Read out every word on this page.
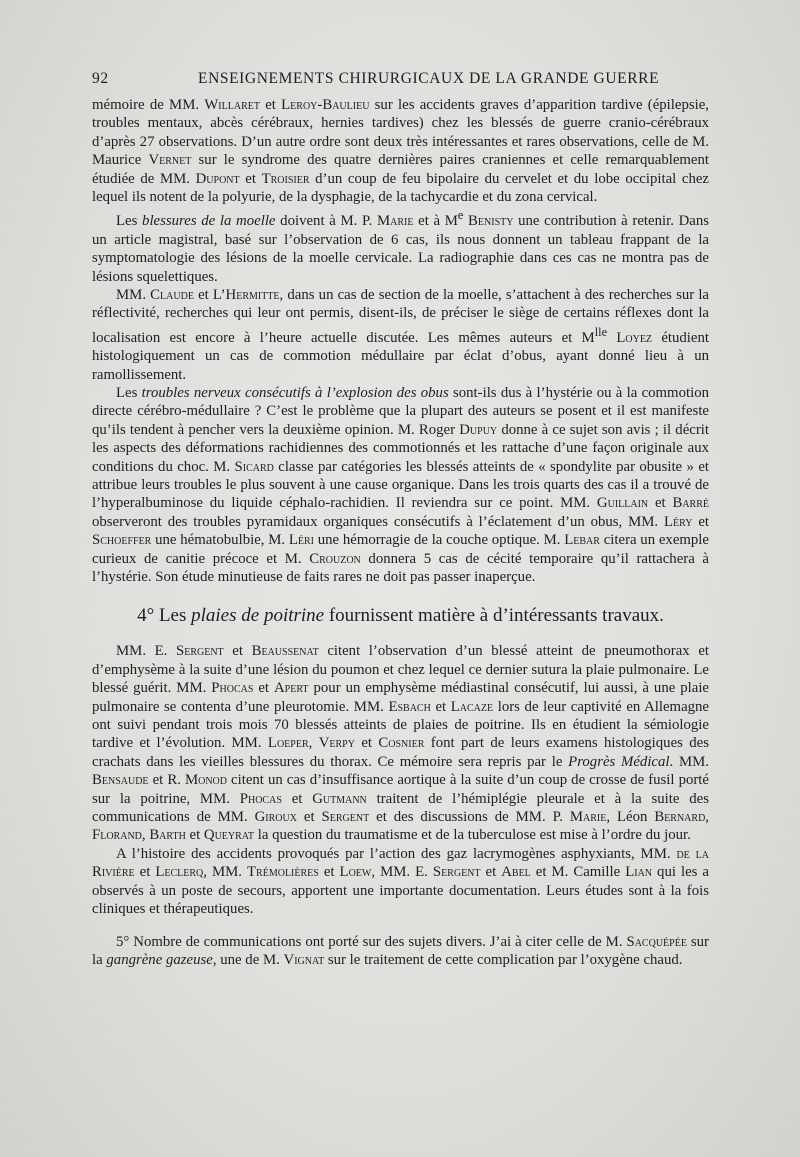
92	ENSEIGNEMENTS CHIRURGICAUX DE LA GRANDE GUERRE

mémoire de MM. Willaret et Leroy-Baulieu sur les accidents graves d’apparition tardive (épilepsie, troubles mentaux, abcès cérébraux, hernies tardives) chez les blessés de guerre cranio-cérébraux d’après 27 observations. D’un autre ordre sont deux très intéressantes et rares observations, celle de M. Maurice Vernet sur le syndrome des quatre dernières paires craniennes et celle remarquablement étudiée de MM. Dupont et Troisier d’un coup de feu bipolaire du cervelet et du lobe occipital chez lequel ils notent de la polyurie, de la dysphagie, de la tachycardie et du zona cervical.

Les blessures de la moelle doivent à M. P. Marie et à Me Benisty une contribution à retenir. Dans un article magistral, basé sur l’observation de 6 cas, ils nous donnent un tableau frappant de la symptomatologie des lésions de la moelle cervicale. La radiographie dans ces cas ne montra pas de lésions squelettiques.

MM. Claude et L’Hermitte, dans un cas de section de la moelle, s’attachent à des recherches sur la réflectivité, recherches qui leur ont permis, disent-ils, de préciser le siège de certains réflexes dont la localisation est encore à l’heure actuelle discutée. Les mêmes auteurs et $M^{lle}$ Loyez étudient histologiquement un cas de commotion médullaire par éclat d’obus, ayant donné lieu à un ramollissement.

Les troubles nerveux consécutifs à l’explosion des obus sont-ils dus à l’hystérie ou à la commotion directe cérébro-médullaire ? C’est le problème que la plupart des auteurs se posent et il est manifeste qu’ils tendent à pencher vers la deuxième opinion. M. Roger Dupuy donne à ce sujet son avis ; il décrit les aspects des déformations rachidiennes des commotionnés et les rattache d’une façon originale aux conditions du choc. M. Sicard classe par catégories les blessés atteints de « spondylite par obusite » et attribue leurs troubles le plus souvent à une cause organique. Dans les trois quarts des cas il a trouvé de l’hyperalbuminose du liquide céphalo-rachidien. Il reviendra sur ce point. MM. Guillain et Barré observeront des troubles pyramidaux organiques consécutifs à l’éclatement d’un obus, MM. Léry et Schoeffer une hématobulbie, M. Léri une hémorragie de la couche optique. M. Lebar citera un exemple curieux de canitie précoce et M. Crouzon donnera 5 cas de cécité temporaire qu’il rattachera à l’hystérie. Son étude minutieuse de faits rares ne doit pas passer inaperçue.

4° Les plaies de poitrine fournissent matière à d’intéressants travaux.

MM. E. Sergent et Beaussenat citent l’observation d’un blessé atteint de pneumothorax et d’emphysème à la suite d’une lésion du poumon et chez lequel ce dernier sutura la plaie pulmonaire. Le blessé guérit. MM. Phocas et Apert pour un emphysème médiastinal consécutif, lui aussi, à une plaie pulmonaire se contenta d’une pleurotomie. MM. Esbach et Lacaze lors de leur captivité en Allemagne ont suivi pendant trois mois 70 blessés atteints de plaies de poitrine. Ils en étudient la sémiologie tardive et l’évolution. MM. Loeper, Verpy et Cosnier font part de leurs examens histologiques des crachats dans les vieilles blessures du thorax. Ce mémoire sera repris par le Progrès Médical. MM. Bensaude et R. Monod citent un cas d’insuffisance aortique à la suite d’un coup de crosse de fusil porté sur la poitrine, MM. Phocas et Gutmann traitent de l’hémiplégie pleurale et à la suite des communications de MM. Giroux et Sergent et des discussions de MM. P. Marie, Léon Bernard, Florand, Barth et Queyrat la question du traumatisme et de la tuberculose est mise à l’ordre du jour.

A l’histoire des accidents provoqués par l’action des gaz lacrymogènes asphyxiants, MM. de la Rivière et Leclerq, MM. Trémolières et Loew, MM. E. Sergent et Abel et M. Camille Lian qui les a observés à un poste de secours, apportent une importante documentation. Leurs études sont à la fois cliniques et thérapeutiques.

5° Nombre de communications ont porté sur des sujets divers. J’ai à citer celle de M. Sacquépée sur la gangrène gazeuse, une de M. Vignat sur le traitement de cette complication par l’oxygène chaud.
